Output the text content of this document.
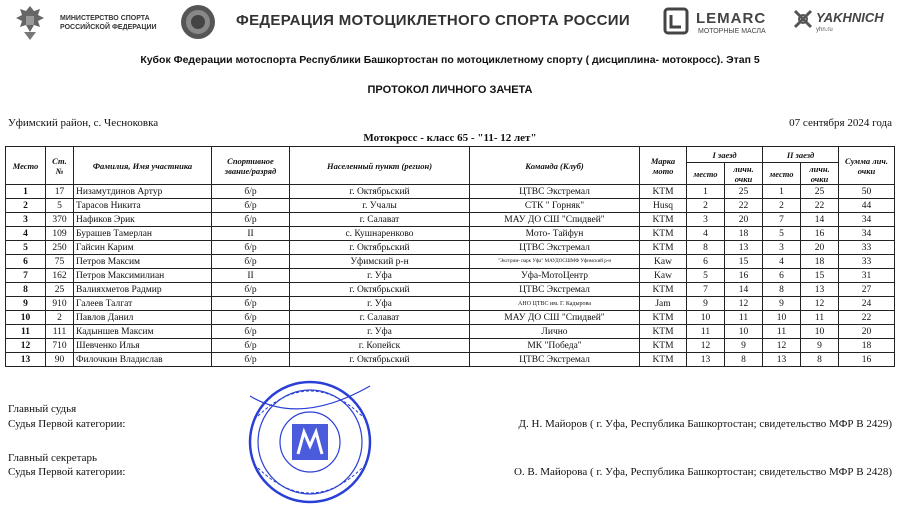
МИНИСТЕРСТВО СПОРТА
РОССИЙСКОЙ ФЕДЕРАЦИИ	ФЕДЕРАЦИЯ МОТОЦИКЛЕТНОГО СПОРТА РОССИИ	LEMARC
МОТОРНЫЕ МАСЛА
YAKHNICH
yhn.ru
Кубок Федерации мотоспорта Республики Башкортостан по мотоциклетному спорту ( дисциплина- мотокросс). Этап 5
ПРОТОКОЛ ЛИЧНОГО ЗАЧЕТА
Уфимский район, с. Чесноковка	07 сентября 2024 года
Мотокросс - класс 65 - "11- 12 лет"
Место	Ст. №	Фамилия, Имя участника	Спортивное звание/разряд	Населенный пункт (регион)	Команда (Клуб)	Марка мото	I заезд		II заезд		Сумма лич. очки
							место	личн. очки	место	личн. очки	
1	17	Низамутдинов Артур	б/р	г. Октябрьский	ЦТВС Экстремал	KTM	1	25	1	25	50
2	5	Тарасов Никита	б/р	г. Учалы	СТК " Горняк"	Husq	2	22	2	22	44
3	370	Нафиков Эрик	б/р	г. Салават	МАУ ДО СШ "Спидвей"	KTM	3	20	7	14	34
4	109	Бурашев Тамерлан	II	с. Кушнаренково	Мото- Тайфун	KTM	4	18	5	16	34
5	250	Гайсин Карим	б/р	г. Октябрьский	ЦТВС Экстремал	KTM	8	13	3	20	33
6	75	Петров Максим	б/р	Уфимский р-н	"Экстрим- парк Уфа" МАУДОСШМФ Уфимский р-н	Kaw	6	15	4	18	33
7	162	Петров Максимилиан	II	г. Уфа	Уфа-МотоЦентр	Kaw	5	16	6	15	31
8	25	Валияхметов Радмир	б/р	г. Октябрьский	ЦТВС Экстремал	KTM	7	14	8	13	27
9	910	Галеев Талгат	б/р	г. Уфа	АНО ЦТВС им. Г. Кадырова	Jam	9	12	9	12	24
10	2	Павлов Данил	б/р	г. Салават	МАУ ДО СШ "Спидвей"	KTM	10	11	10	11	22
11	111	Кадыншев Максим	б/р	г. Уфа	Лично	KTM	11	10	11	10	20
12	710	Шевченко Илья	б/р	г. Копейск	МК "Победа"	KTM	12	9	12	9	18
13	90	Филочкин Владислав	б/р	г. Октябрьский	ЦТВС Экстремал	KTM	13	8	13	8	16
Главный судья
Судья Первой категории:	Д. Н. Майоров ( г. Уфа, Республика Башкортостан; свидетельство МФР В 2429)
Главный секретарь
Судья Первой категории:	О. В. Майорова ( г. Уфа, Республика Башкортостан; свидетельство МФР В 2428)
